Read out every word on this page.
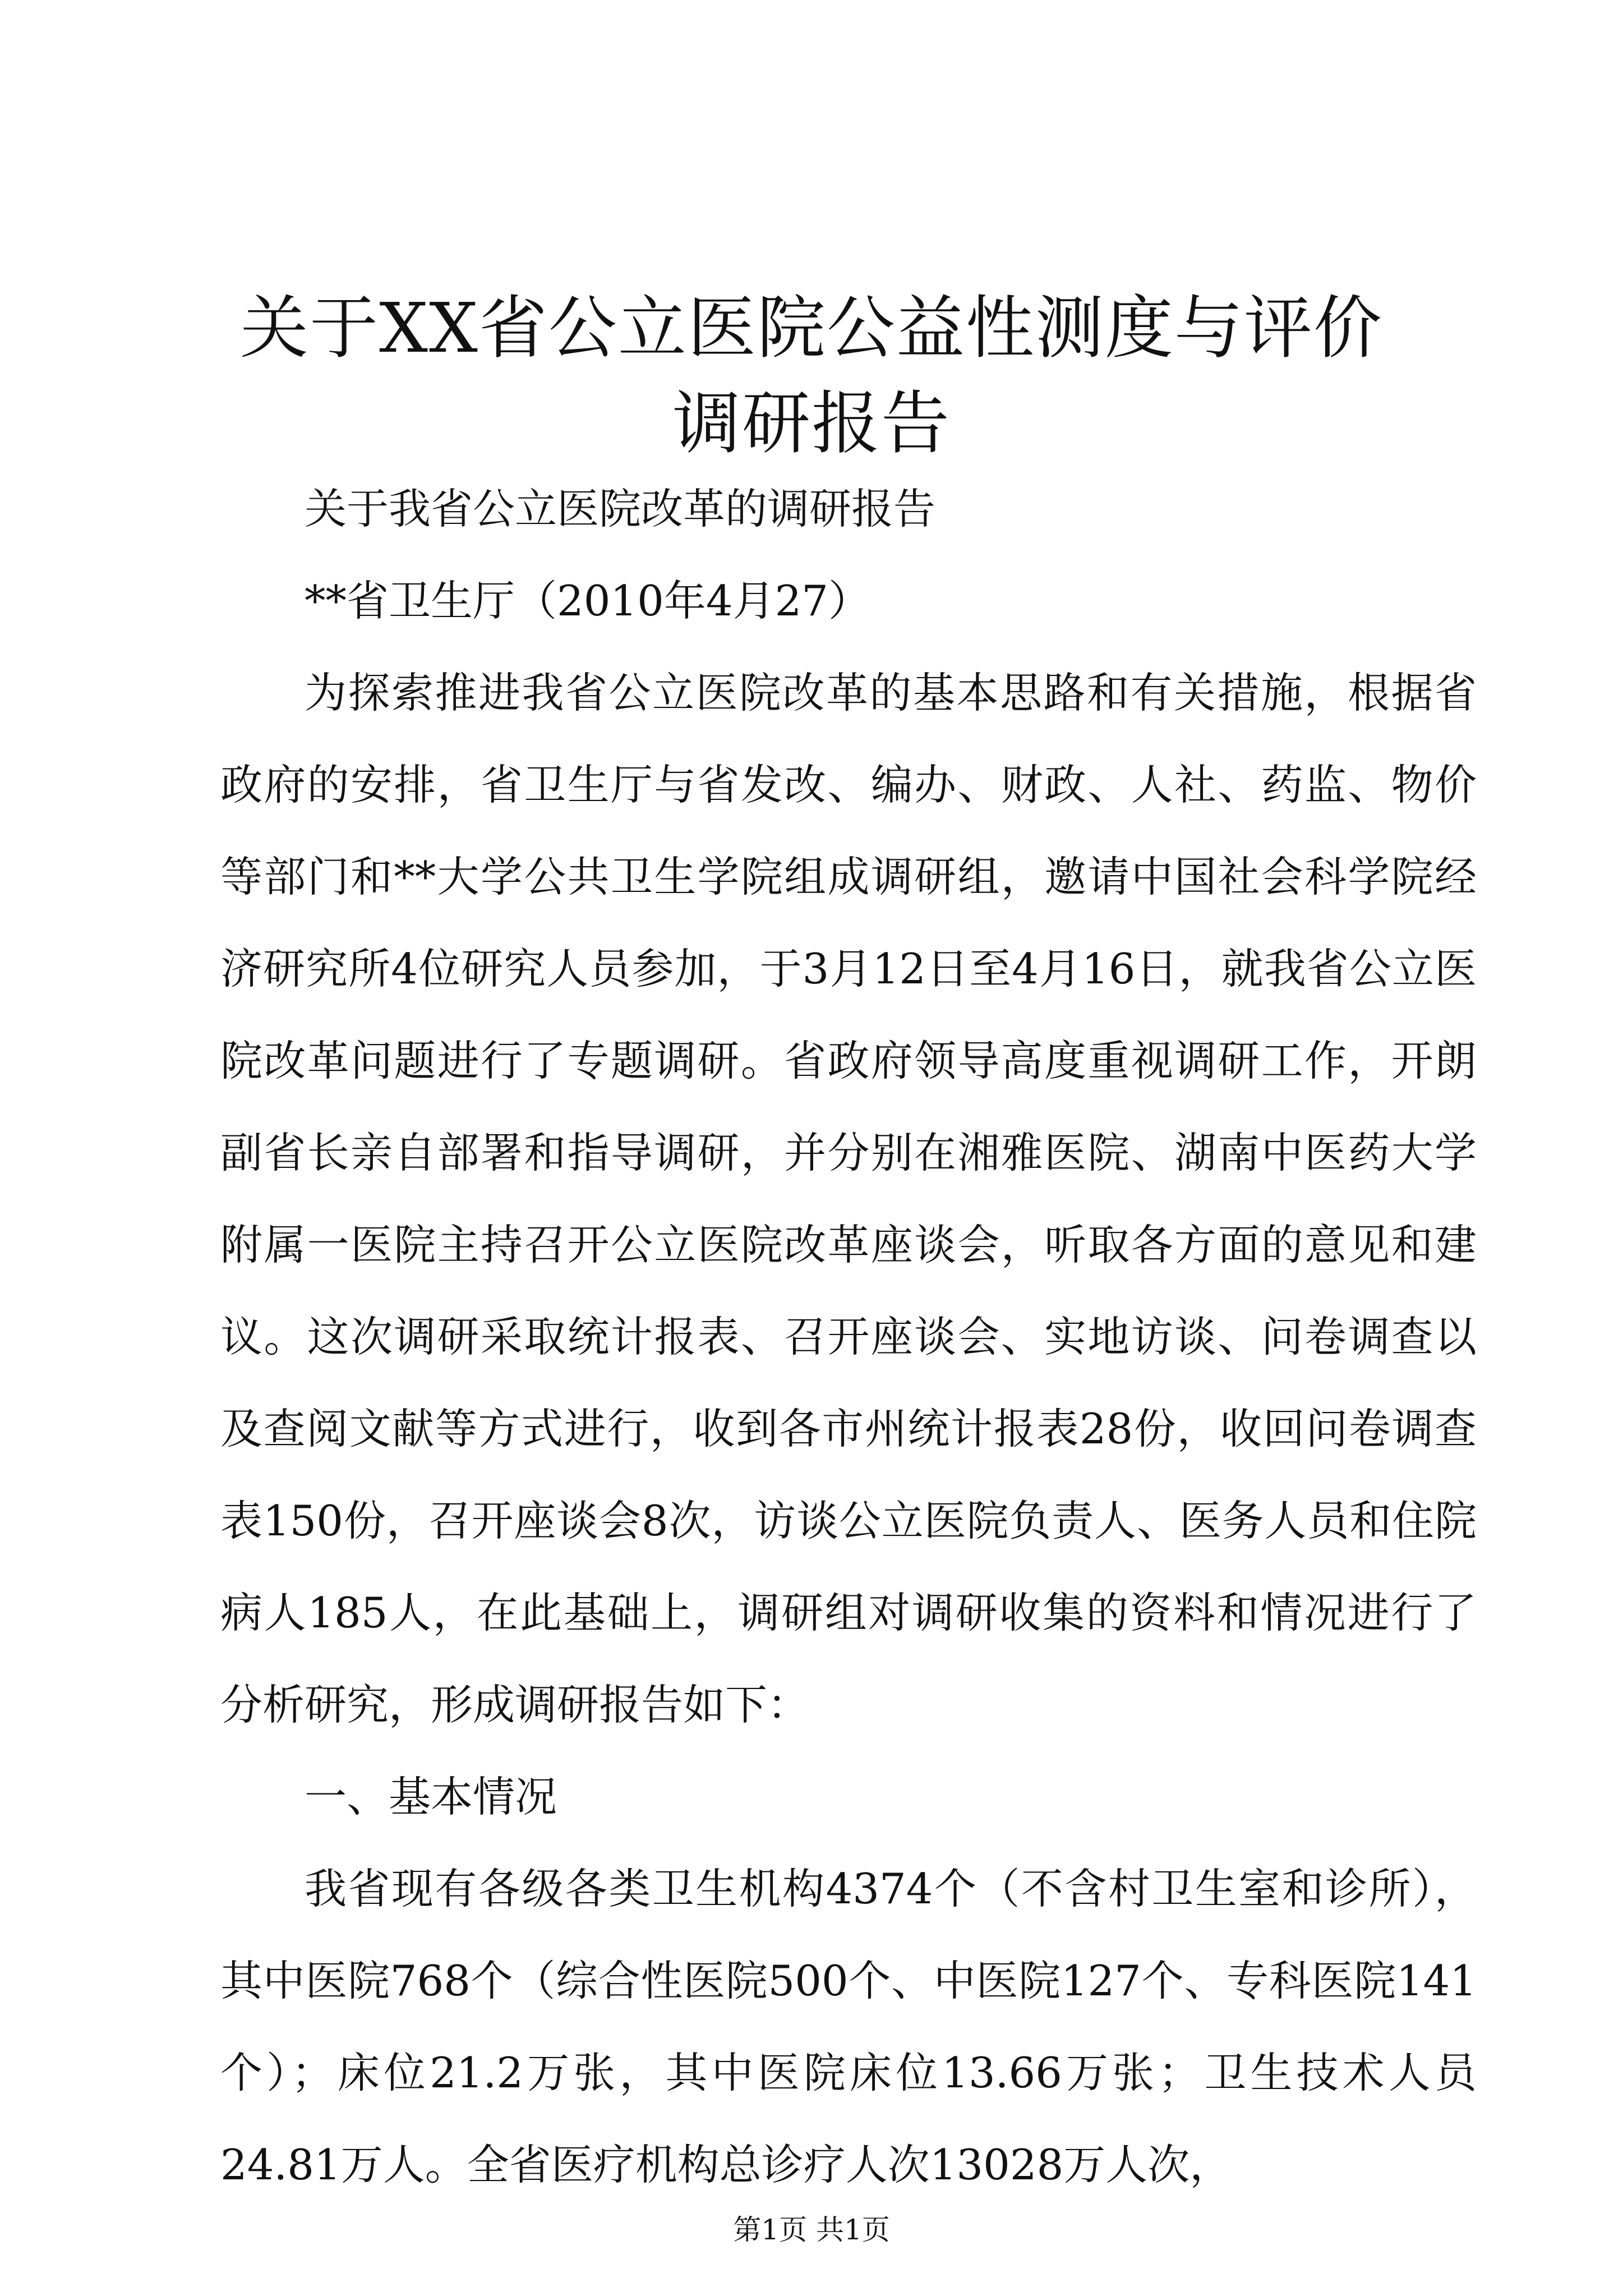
关于XX省公立医院公益性测度与评价调研报告

关于我省公立医院改革的调研报告

**省卫生厅（2010年4月27）

为探索推进我省公立医院改革的基本思路和有关措施，根据省政府的安排，省卫生厅与省发改、编办、财政、人社、药监、物价等部门和**大学公共卫生学院组成调研组，邀请中国社会科学院经济研究所4位研究人员参加，于3月12日至4月16日，就我省公立医院改革问题进行了专题调研。省政府领导高度重视调研工作，开朗副省长亲自部署和指导调研，并分别在湘雅医院、湖南中医药大学附属一医院主持召开公立医院改革座谈会，听取各方面的意见和建议。这次调研采取统计报表、召开座谈会、实地访谈、问卷调查以及查阅文献等方式进行，收到各市州统计报表28份，收回问卷调查表150份，召开座谈会8次，访谈公立医院负责人、医务人员和住院病人185人，在此基础上，调研组对调研收集的资料和情况进行了分析研究，形成调研报告如下：

一、基本情况

我省现有各级各类卫生机构4374个（不含村卫生室和诊所），其中医院768个（综合性医院500个、中医院127个、专科医院141个）；床位21.2万张，其中医院床位13.66万张；卫生技术人员24.81万人。全省医疗机构总诊疗人次13028万人次，

第1页 共1页
